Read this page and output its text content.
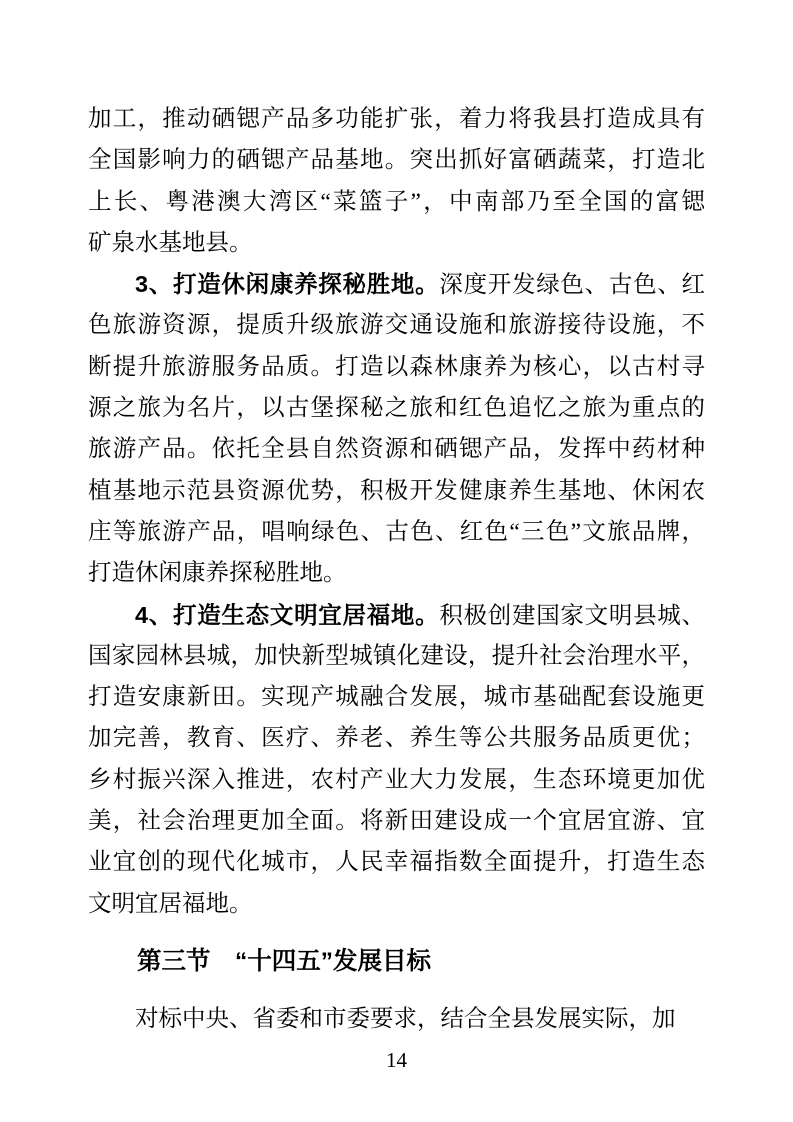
加工，推动硒锶产品多功能扩张，着力将我县打造成具有
全国影响力的硒锶产品基地。突出抓好富硒蔬菜，打造北
上长、粤港澳大湾区“菜篮子”，中南部乃至全国的富锶
矿泉水基地县。
3、打造休闲康养探秘胜地。深度开发绿色、古色、红
色旅游资源，提质升级旅游交通设施和旅游接待设施，不
断提升旅游服务品质。打造以森林康养为核心，以古村寻
源之旅为名片，以古堡探秘之旅和红色追忆之旅为重点的
旅游产品。依托全县自然资源和硒锶产品，发挥中药材种
植基地示范县资源优势，积极开发健康养生基地、休闲农
庄等旅游产品，唱响绿色、古色、红色“三色”文旅品牌，
打造休闲康养探秘胜地。
4、打造生态文明宜居福地。积极创建国家文明县城、
国家园林县城，加快新型城镇化建设，提升社会治理水平，
打造安康新田。实现产城融合发展，城市基础配套设施更
加完善，教育、医疗、养老、养生等公共服务品质更优；
乡村振兴深入推进，农村产业大力发展，生态环境更加优
美，社会治理更加全面。将新田建设成一个宜居宜游、宜
业宜创的现代化城市，人民幸福指数全面提升，打造生态
文明宜居福地。
第三节　“十四五”发展目标
对标中央、省委和市委要求，结合全县发展实际，加
14
